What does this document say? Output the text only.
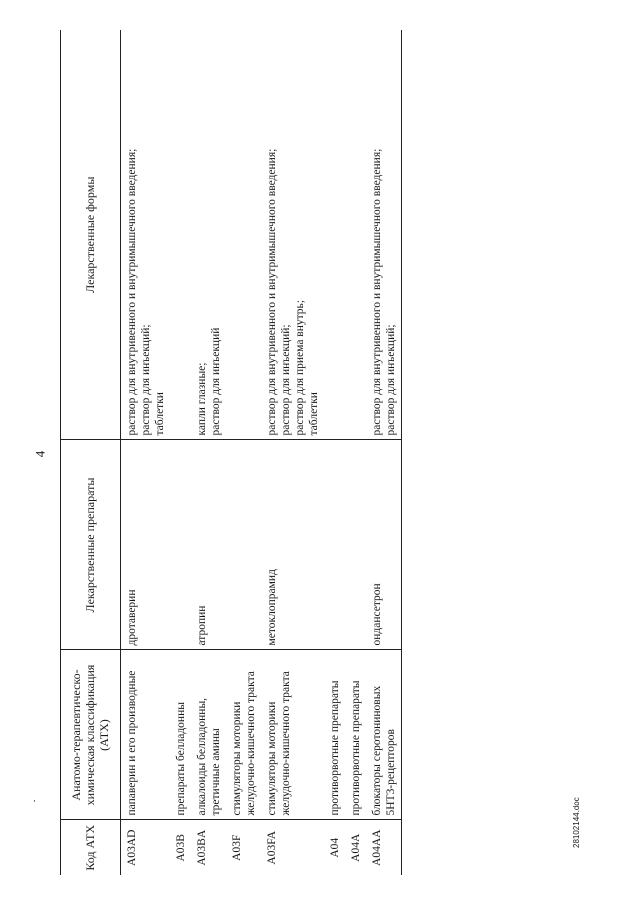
4
Код АТХ	Анатомо-терапевтическо-химическая классификация (АТХ)	Лекарственные препараты	Лекарственные формы
A03AD	папаверин и его производные	дротаверин	раствор для внутривенного и внутримышечного введения;
раствор для инъекций;
таблетки
A03B	препараты белладонны		
A03BA	алкалоиды белладонны, третичные амины	атропин	капли глазные;
раствор для инъекций
A03F	стимуляторы моторики желудочно-кишечного тракта		
A03FA	стимуляторы моторики желудочно-кишечного тракта	метоклопрамид	раствор для внутривенного и внутримышечного введения;
раствор для инъекций;
раствор для приема внутрь;
таблетки
A04	противорвотные препараты		
A04A	противорвотные препараты		
A04AA	блокаторы серотониновых 5HT3-рецепторов	ондансетрон	раствор для внутривенного и внутримышечного введения;
раствор для инъекций;
28102144.doc
